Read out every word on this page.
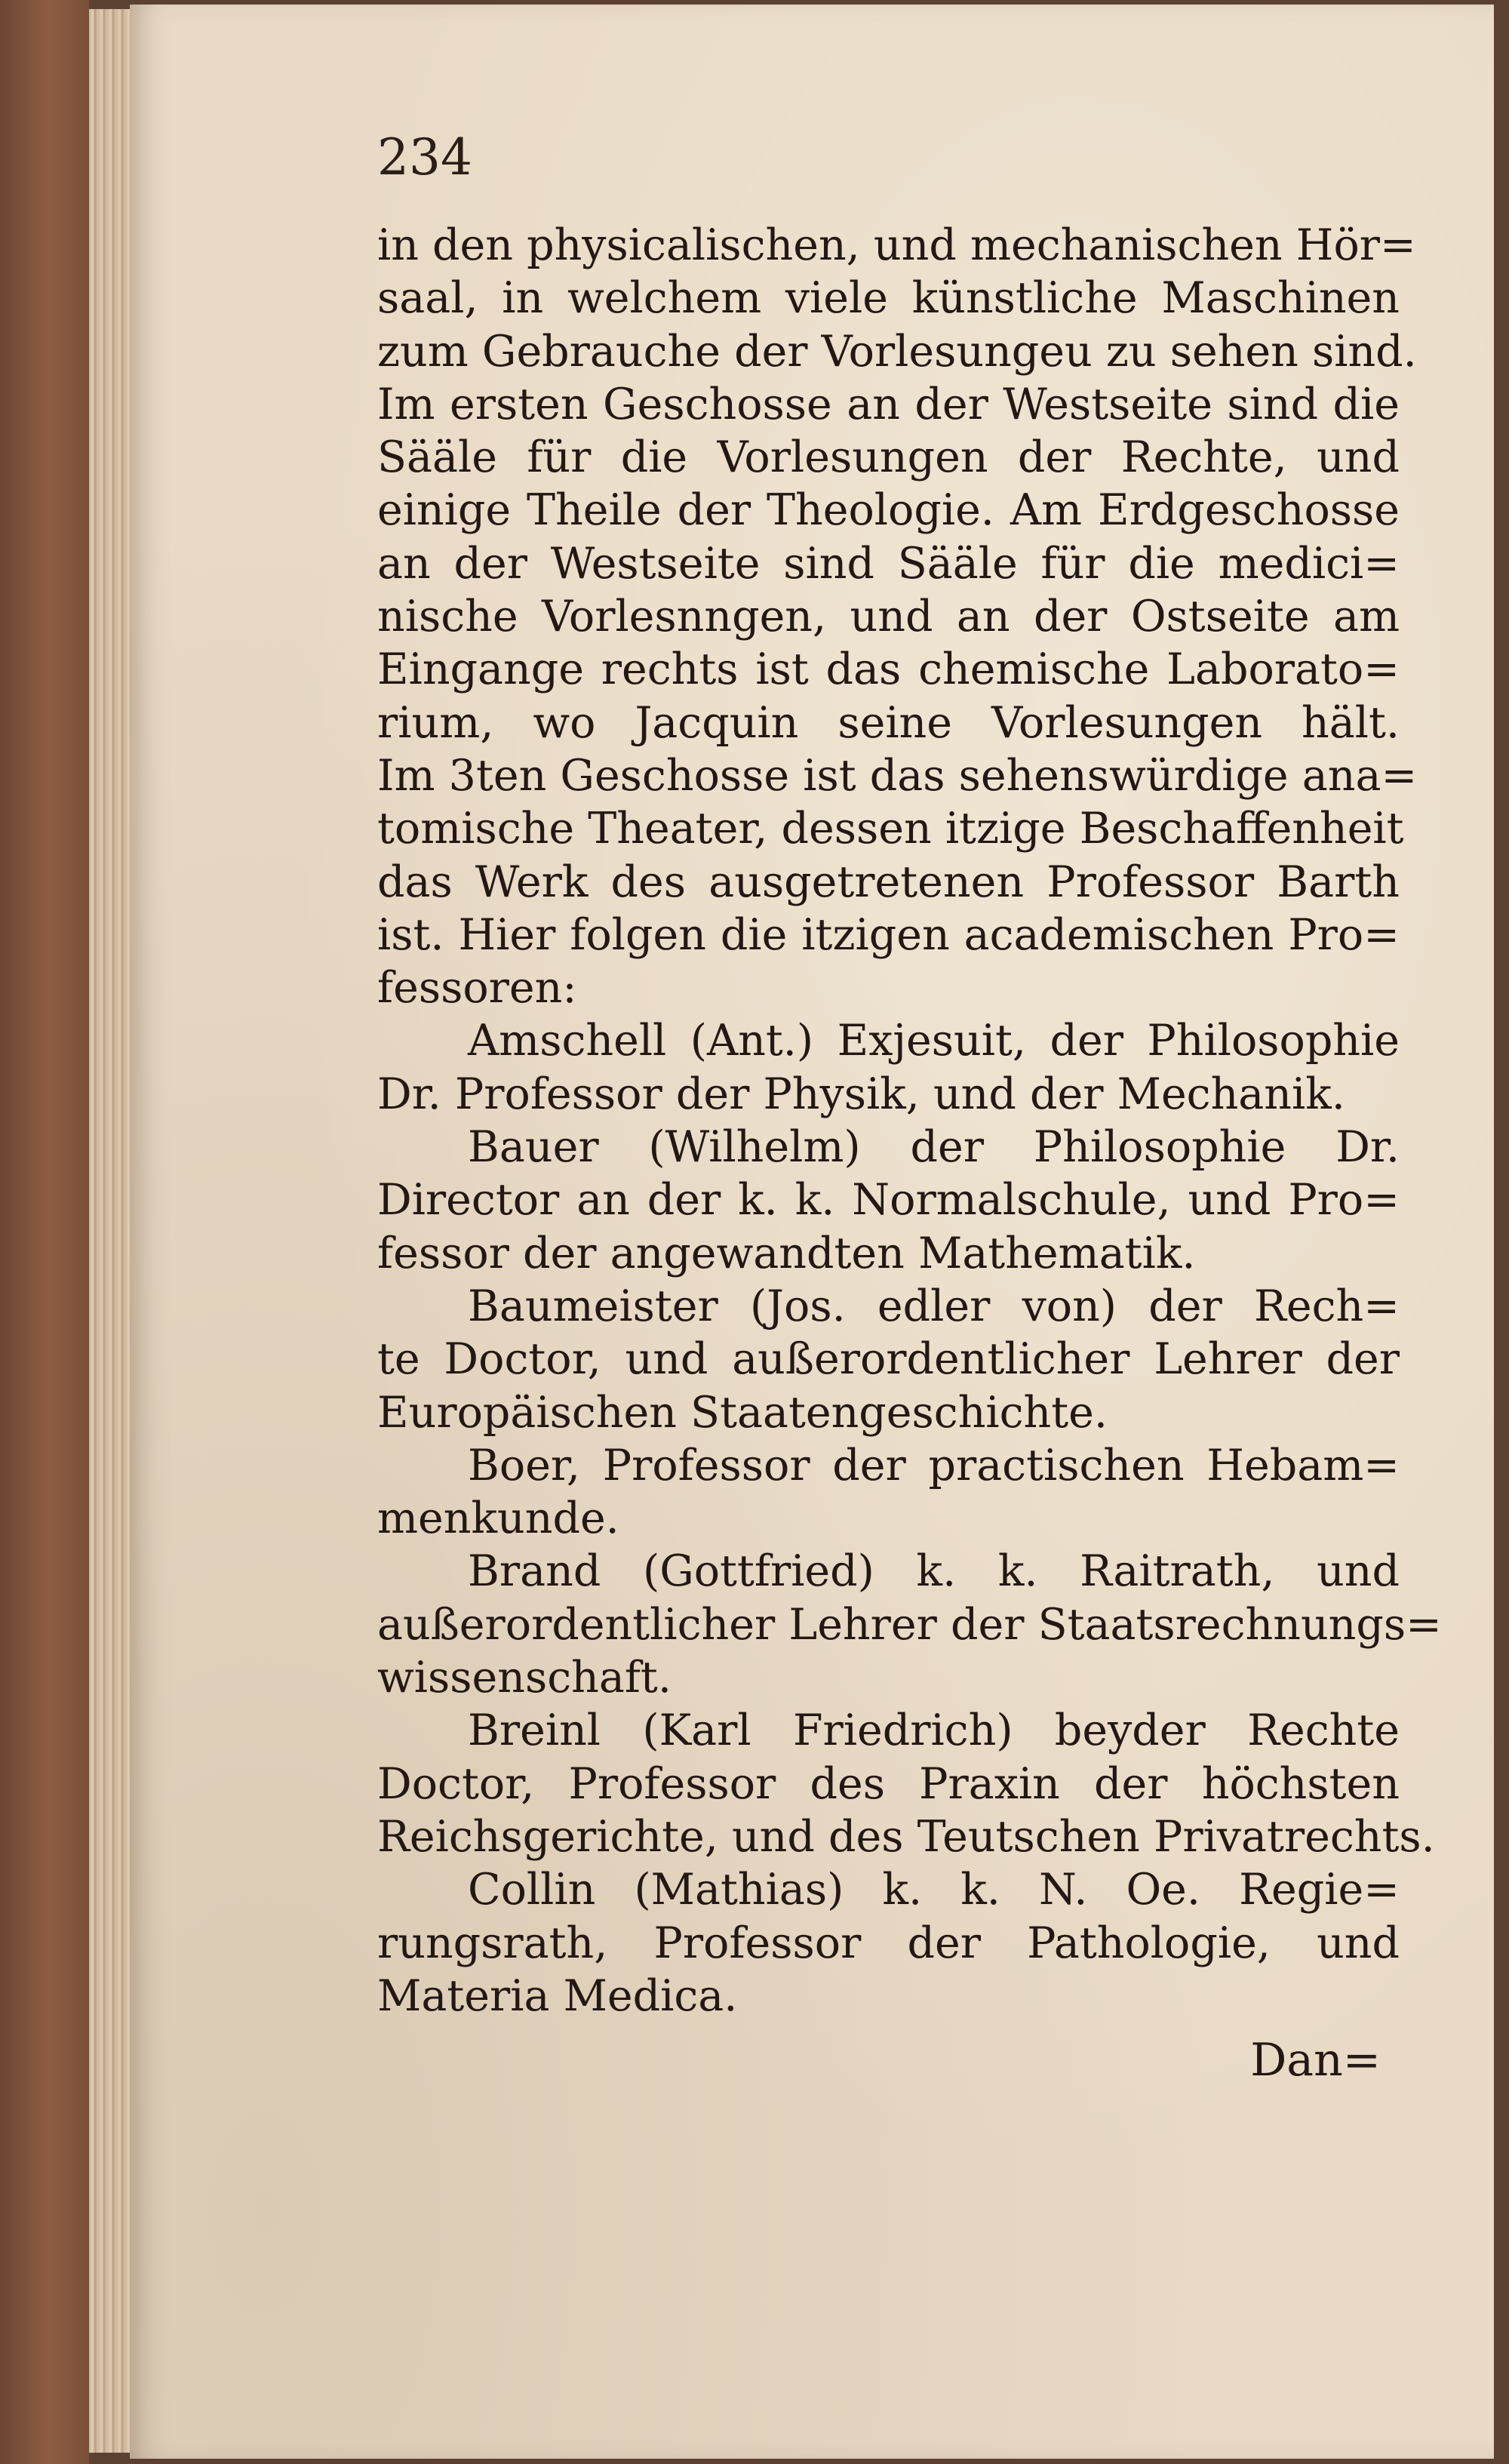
234
in den physicalischen, und mechanischen Hör=
saal, in welchem viele künstliche Maschinen
zum Gebrauche der Vorlesungeu zu sehen sind.
Im ersten Geschosse an der Westseite sind die
Sääle für die Vorlesungen der Rechte, und
einige Theile der Theologie. Am Erdgeschosse
an der Westseite sind Sääle für die medici=
nische Vorlesnngen, und an der Ostseite am
Eingange rechts ist das chemische Laborato=
rium, wo Jacquin seine Vorlesungen hält.
Im 3ten Geschosse ist das sehenswürdige ana=
tomische Theater, dessen itzige Beschaffenheit
das Werk des ausgetretenen Professor Barth
ist. Hier folgen die itzigen academischen Pro=
fessoren:
Amschell (Ant.) Exjesuit, der Philosophie
Dr. Professor der Physik, und der Mechanik.
Bauer (Wilhelm) der Philosophie Dr.
Director an der k. k. Normalschule, und Pro=
fessor der angewandten Mathematik.
Baumeister (Jos. edler von) der Rech=
te Doctor, und außerordentlicher Lehrer der
Europäischen Staatengeschichte.
Boer, Professor der practischen Hebam=
menkunde.
Brand (Gottfried) k. k. Raitrath, und
außerordentlicher Lehrer der Staatsrechnungs=
wissenschaft.
Breinl (Karl Friedrich) beyder Rechte
Doctor, Professor des Praxin der höchsten
Reichsgerichte, und des Teutschen Privatrechts.
Collin (Mathias) k. k. N. Oe. Regie=
rungsrath, Professor der Pathologie, und
Materia Medica.
Dan=
